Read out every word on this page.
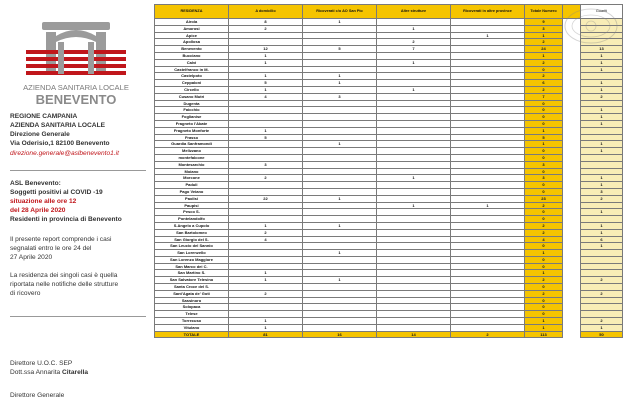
AZIENDA SANITARIA LOCALE
BENEVENTO

REGIONE CAMPANIA

AZIENDA SANITARIA LOCALE

Direzione Generale

Via Oderisio,1 82100 Benevento

direzione.generale@aslbenevento1.it

ASL Benevento:

Soggetti positivi al COVID -19

situazione alle ore 12

del 28 Aprile 2020

Residenti in provincia di Benevento

Il presente report comprende i casi

segnalati entro le ore 24 del

27 Aprile 2020

La residenza dei singoli casi è quella

riportata nelle notifiche delle strutture

di ricovero

Direttore U.O.C. SEP

Dott.ssa Annarita Citarella

Direttore Generale

RESIDENZA	A domicilio	Ricoverati c/o AO San Pio	Altre strutture	Ricoverati in altre province	Totale Numero		Guariti
Airola	8	1			9		
Amorosi	2		1		3		
Apice				1	1		
Apollosa			2		2		
Benevento	12	5	7		24		13
Bucciano	1				1		1
Calvi	1		1		2		1
Castelfranco in M.					0		1
Castelpoto	1	1			2		
Ceppaloni	5	1			6		1
Circello	1		1		2		1
Cusano Mutri	4	3			7		2
Dugenta					0		
Faicchio					0		1
Foglianise					0		1
Fragneto l'Abate					0		1
Fragneto Monforte	1				1		
Frasso	5				5		
Guardia Sanframondi		1			1		1
Melizzano					0		1
montefalcone					0		
Montesarchio	3				3		
Moiano					0		
Morcone	2		1		3		1
Paduli					0		1
Pago Veiano					0		3
Paolisi	22	1			23		2
Paupisi			1	1	2		
Pesco S.					0		1
Pontelandolfo					0		
S.Angelo a Cupolo	1	1			2		1
San Bartolomeo	2				2		1
San Giorgio del S.	4				4		6
San Leucio del Sannio					0		1
San Lorenzello		1			1		
San Lorenzo Maggiore					0		
San Marco dei C.					0		
San Martino S.	1				1		
San Salvatore Telesino	1	1			2		2
Santa Croce del S.					0		
Sant'Agata de' Goti	2				2		2
Sassinoro					0		
Solopaca					0		
Telese					0		
Torrecuso	1				1		2
Vitulano	1				1		1
TOTALE	81	16	14	2	113		50
